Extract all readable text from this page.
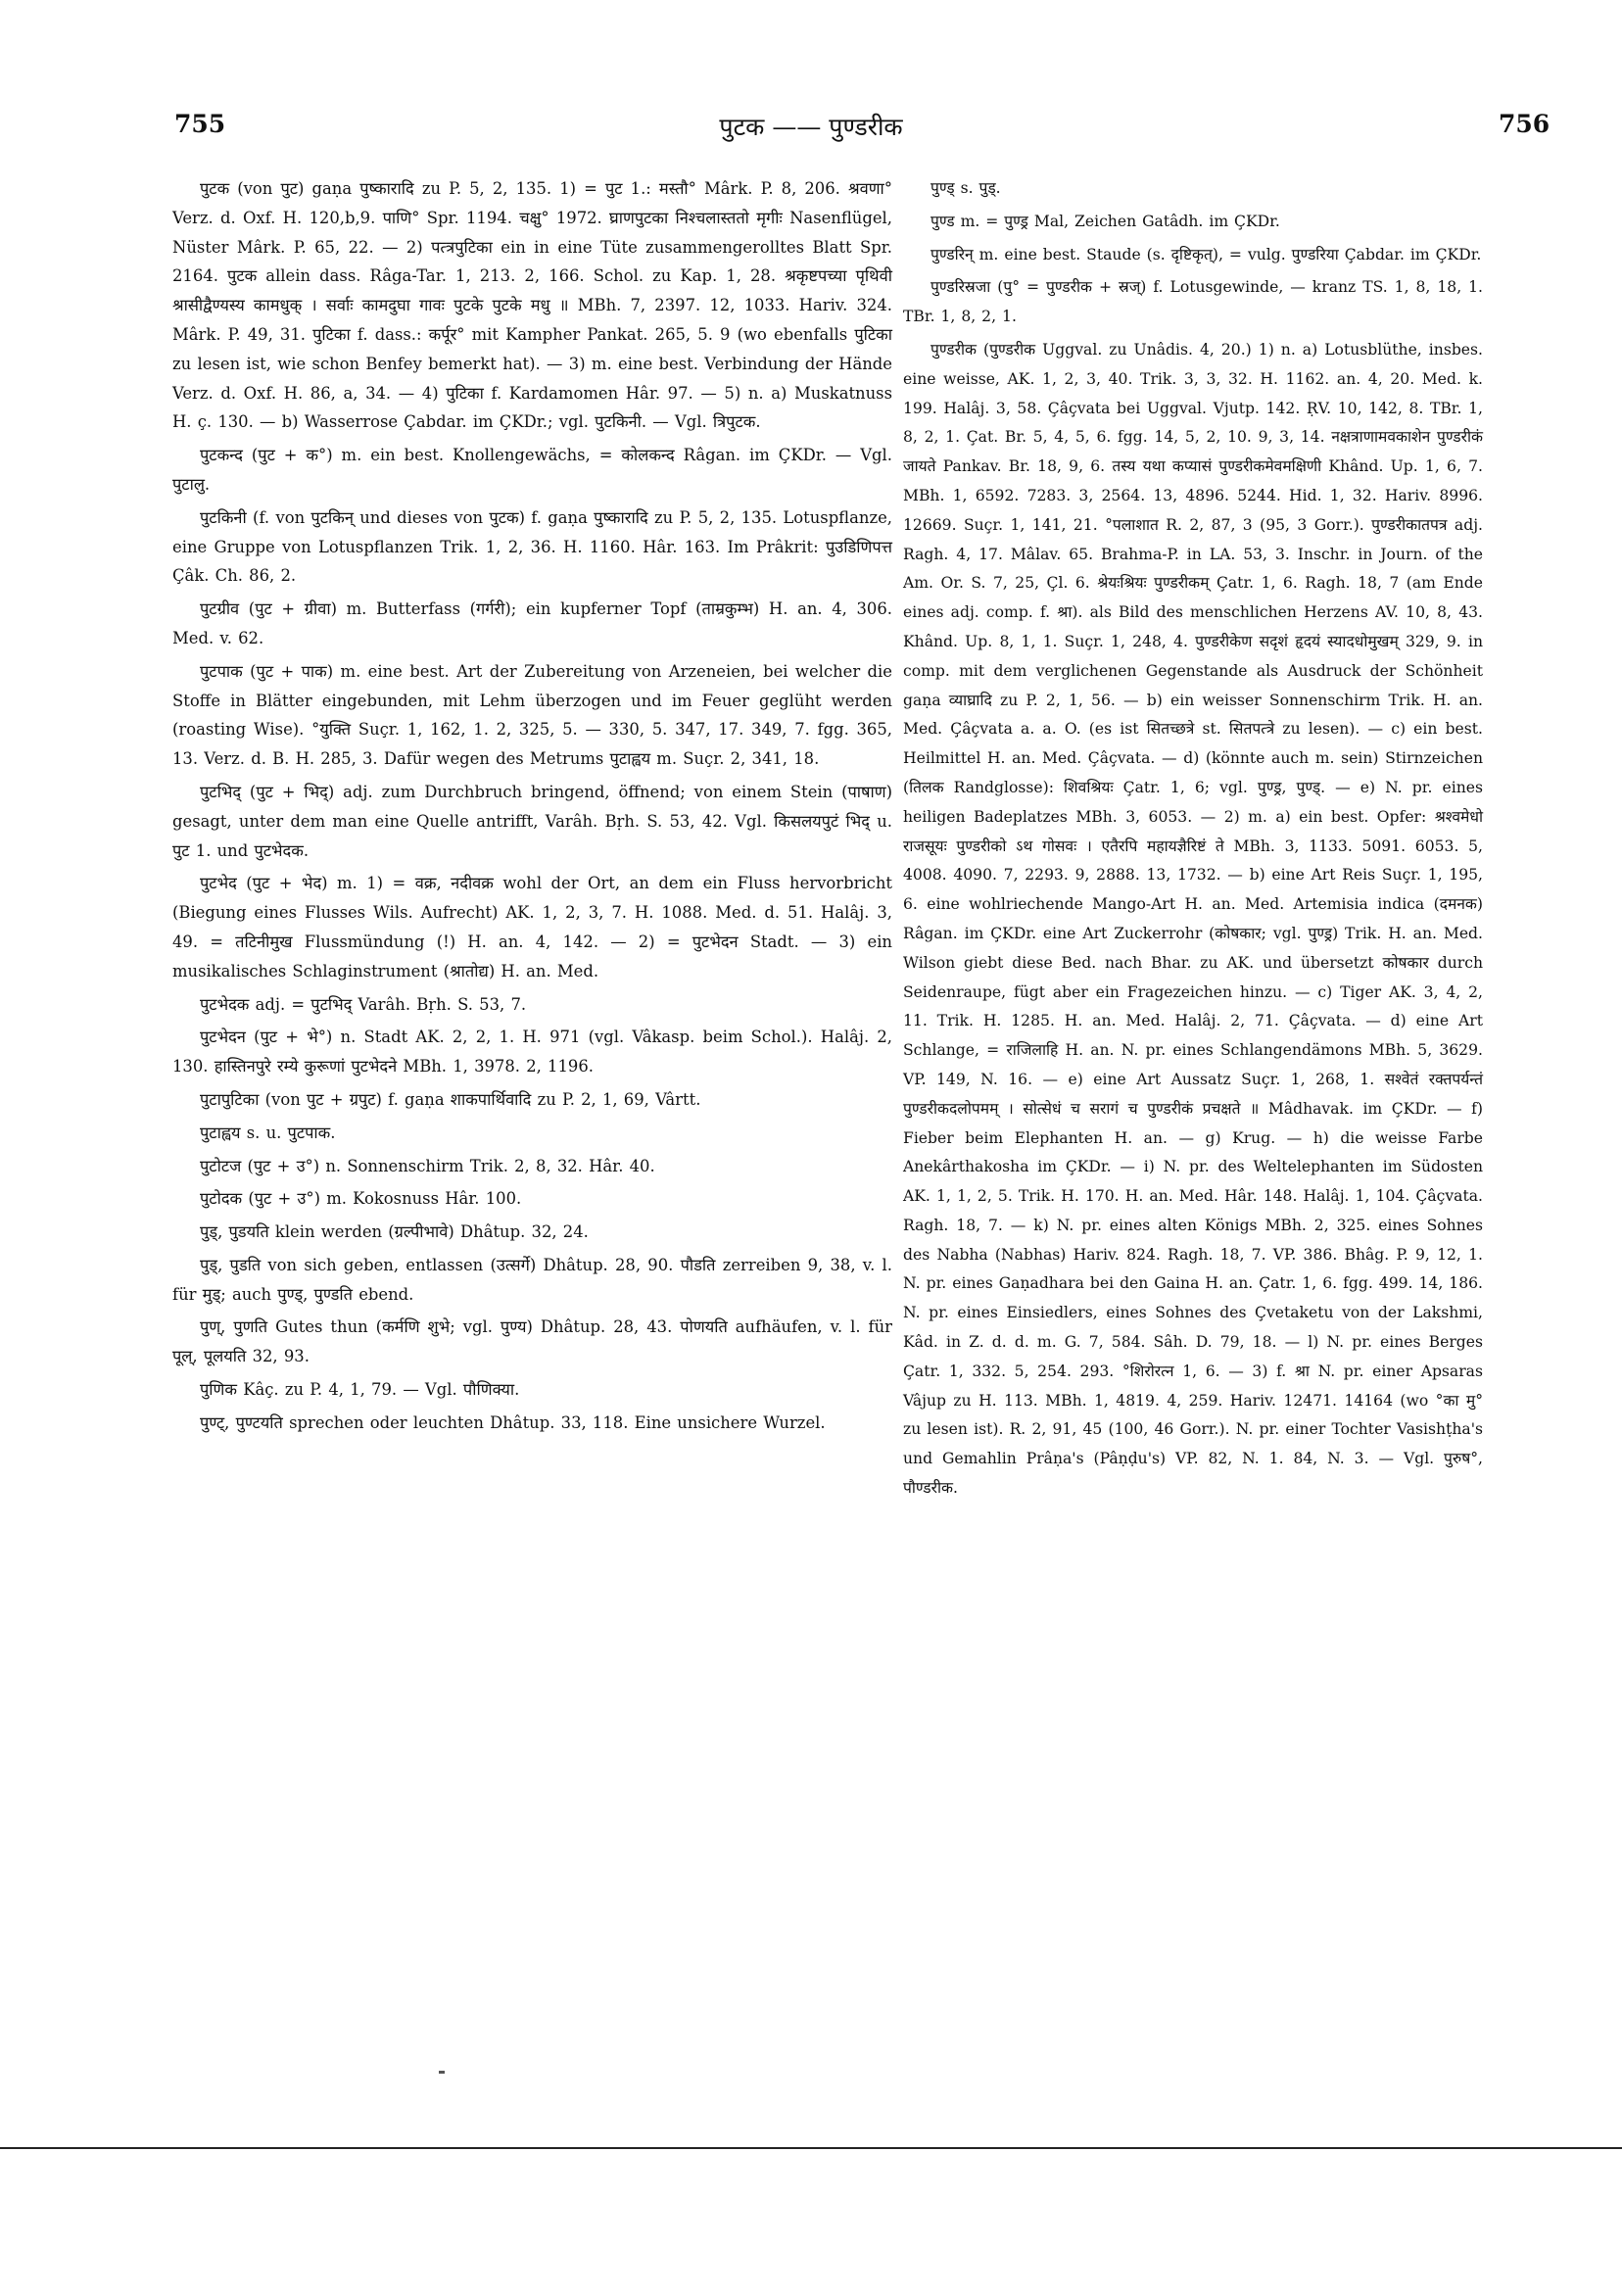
755	पुटक —— पुण्डरीक	756

पुटक (von पुट) gaṇa पुष्कारादि zu P. 5, 2, 135. 1) = पुट 1.: मस्तौ° Mârk. P. 8, 206. श्रवणा° Verz. d. Oxf. H. 120,b,9. पाणि° Spr. 1194. चक्षु° 1972. घ्राणपुटका निश्चलास्ततो मृगीः Nasenflügel, Nüster Mârk. P. 65, 22. — 2) पत्त्रपुटिका ein in eine Tüte zusammengerolltes Blatt Spr. 2164. पुटक allein dass. Râga-Tar. 1, 213. 2, 166. Schol. zu Kap. 1, 28. श्रकृष्टपच्या पृथिवी श्रासीद्वैण्यस्य कामधुक् । सर्वाः कामदुघा गावः पुटके पुटके मधु ॥ MBh. 7, 2397. 12, 1033. Hariv. 324. Mârk. P. 49, 31. पुटिका f. dass.: कर्पूर° mit Kampher Pankat. 265, 5. 9 (wo ebenfalls पुटिका zu lesen ist, wie schon Benfey bemerkt hat). — 3) m. eine best. Verbindung der Hände Verz. d. Oxf. H. 86, a, 34. — 4) पुटिका f. Kardamomen Hâr. 97. — 5) n. a) Muskatnuss H. ç. 130. — b) Wasserrose Çabdar. im ÇKDr.; vgl. पुटकिनी. — Vgl. त्रिपुटक.

पुटकन्द (पुट + क°) m. ein best. Knollengewächs, = कोलकन्द Râgan. im ÇKDr. — Vgl. पुटालु.

पुटकिनी (f. von पुटकिन् und dieses von पुटक) f. gaṇa पुष्कारादि zu P. 5, 2, 135. Lotuspflanze, eine Gruppe von Lotuspflanzen Trik. 1, 2, 36. H. 1160. Hâr. 163. Im Prâkrit: पुउडिणिपत्त Çâk. Ch. 86, 2.

पुटग्रीव (पुट + ग्रीवा) m. Butterfass (गर्गरी); ein kupferner Topf (ताम्रकुम्भ) H. an. 4, 306. Med. v. 62.

पुटपाक (पुट + पाक) m. eine best. Art der Zubereitung von Arzeneien, bei welcher die Stoffe in Blätter eingebunden, mit Lehm überzogen und im Feuer geglüht werden (roasting Wise). °युक्ति Suçr. 1, 162, 1. 2, 325, 5. — 330, 5. 347, 17. 349, 7. fgg. 365, 13. Verz. d. B. H. 285, 3. Dafür wegen des Metrums पुटाह्वय m. Suçr. 2, 341, 18.

पुटभिद् (पुट + भिद्) adj. zum Durchbruch bringend, öffnend; von einem Stein (पाषाण) gesagt, unter dem man eine Quelle antrifft, Varâh. Bṛh. S. 53, 42. Vgl. किसलयपुटं भिद् u. पुट 1. und पुटभेदक.

पुटभेद (पुट + भेद) m. 1) = वक्र, नदीवक्र wohl der Ort, an dem ein Fluss hervorbricht (Biegung eines Flusses Wils. Aufrecht) AK. 1, 2, 3, 7. H. 1088. Med. d. 51. Halâj. 3, 49. = तटिनीमुख Flussmündung (!) H. an. 4, 142. — 2) = पुटभेदन Stadt. — 3) ein musikalisches Schlaginstrument (श्रातोद्य) H. an. Med.

पुटभेदक adj. = पुटभिद् Varâh. Bṛh. S. 53, 7.

पुटभेदन (पुट + भे°) n. Stadt AK. 2, 2, 1. H. 971 (vgl. Vâkasp. beim Schol.). Halâj. 2, 130. हास्तिनपुरे रम्ये कुरूणां पुटभेदने MBh. 1, 3978. 2, 1196.

पुटापुटिका (von पुट + ग्रपुट) f. gaṇa शाकपार्थिवादि zu P. 2, 1, 69, Vârtt.

पुटाह्वय s. u. पुटपाक.

पुटोटज (पुट + उ°) n. Sonnenschirm Trik. 2, 8, 32. Hâr. 40.

पुटोदक (पुट + उ°) m. Kokosnuss Hâr. 100.

पुड्, पुडयति klein werden (ग्रल्पीभावे) Dhâtup. 32, 24.

पुड्, पुडति von sich geben, entlassen (उत्सर्गे) Dhâtup. 28, 90. पौडति zerreiben 9, 38, v. l. für मुड्; auch पुण्ड्, पुण्डति ebend.

पुण्, पुणति Gutes thun (कर्मणि शुभे; vgl. पुण्य) Dhâtup. 28, 43. पोणयति aufhäufen, v. l. für पूल्, पूलयति 32, 93.

पुणिक Kâç. zu P. 4, 1, 79. — Vgl. पौणिक्या.

पुण्ट्, पुण्टयति sprechen oder leuchten Dhâtup. 33, 118. Eine unsichere Wurzel.

पुण्ड् s. पुड्.

पुण्ड m. = पुण्ड्र Mal, Zeichen Gatâdh. im ÇKDr.

पुण्डरिन् m. eine best. Staude (s. दृष्टिकृत्), = vulg. पुण्डरिया Çabdar. im ÇKDr.

पुण्डरिस्रजा (पु° = पुण्डरीक + स्रज्) f. Lotusgewinde, — kranz TS. 1, 8, 18, 1. TBr. 1, 8, 2, 1.

पुण्डरीक (पुण्डरीक Uggval. zu Unâdis. 4, 20.) 1) n. a) Lotusblüthe, insbes. eine weisse, AK. 1, 2, 3, 40. Trik. 3, 3, 32. H. 1162. an. 4, 20. Med. k. 199. Halâj. 3, 58. Çâçvata bei Uggval. Vjutp. 142. ṚV. 10, 142, 8. TBr. 1, 8, 2, 1. Çat. Br. 5, 4, 5, 6. fgg. 14, 5, 2, 10. 9, 3, 14. नक्षत्राणामवकाशेन पुण्डरीकं जायते Pankav. Br. 18, 9, 6. तस्य यथा कप्यासं पुण्डरीकमेवमक्षिणी Khând. Up. 1, 6, 7. MBh. 1, 6592. 7283. 3, 2564. 13, 4896. 5244. Hid. 1, 32. Hariv. 8996. 12669. Suçr. 1, 141, 21. °पलाशात R. 2, 87, 3 (95, 3 Gorr.). पुण्डरीकातपत्र adj. Ragh. 4, 17. Mâlav. 65. Brahma-P. in LA. 53, 3. Inschr. in Journ. of the Am. Or. S. 7, 25, Çl. 6. श्रेयःश्रियः पुण्डरीकम् Çatr. 1, 6. Ragh. 18, 7 (am Ende eines adj. comp. f. श्रा). als Bild des menschlichen Herzens AV. 10, 8, 43. Khând. Up. 8, 1, 1. Suçr. 1, 248, 4. पुण्डरीकेण सदृशं हृदयं स्यादधोमुखम् 329, 9. in comp. mit dem verglichenen Gegenstande als Ausdruck der Schönheit gaṇa व्याघ्रादि zu P. 2, 1, 56. — b) ein weisser Sonnenschirm Trik. H. an. Med. Çâçvata a. a. O. (es ist सितच्छत्रे st. सितपत्त्रे zu lesen). — c) ein best. Heilmittel H. an. Med. Çâçvata. — d) (könnte auch m. sein) Stirnzeichen (तिलक Randglosse): शिवश्रियः Çatr. 1, 6; vgl. पुण्ड्र, पुण्ड्. — e) N. pr. eines heiligen Badeplatzes MBh. 3, 6053. — 2) m. a) ein best. Opfer: श्रश्वमेधो राजसूयः पुण्डरीको ऽथ गोसवः । एतैरपि महायज्ञैरिष्टं ते MBh. 3, 1133. 5091. 6053. 5, 4008. 4090. 7, 2293. 9, 2888. 13, 1732. — b) eine Art Reis Suçr. 1, 195, 6. eine wohlriechende Mango-Art H. an. Med. Artemisia indica (दमनक) Râgan. im ÇKDr. eine Art Zuckerrohr (कोषकार; vgl. पुण्ड्र) Trik. H. an. Med. Wilson giebt diese Bed. nach Bhar. zu AK. und übersetzt कोषकार durch Seidenraupe, fügt aber ein Fragezeichen hinzu. — c) Tiger AK. 3, 4, 2, 11. Trik. H. 1285. H. an. Med. Halâj. 2, 71. Çâçvata. — d) eine Art Schlange, = राजिलाहि H. an. N. pr. eines Schlangendämons MBh. 5, 3629. VP. 149, N. 16. — e) eine Art Aussatz Suçr. 1, 268, 1. सश्वेतं रक्तपर्यन्तं पुण्डरीकदलोपमम् । सोत्सेधं च सरागं च पुण्डरीकं प्रचक्षते ॥ Mâdhavak. im ÇKDr. — f) Fieber beim Elephanten H. an. — g) Krug. — h) die weisse Farbe Anekârthakosha im ÇKDr. — i) N. pr. des Weltelephanten im Südosten AK. 1, 1, 2, 5. Trik. H. 170. H. an. Med. Hâr. 148. Halâj. 1, 104. Çâçvata. Ragh. 18, 7. — k) N. pr. eines alten Königs MBh. 2, 325. eines Sohnes des Nabha (Nabhas) Hariv. 824. Ragh. 18, 7. VP. 386. Bhâg. P. 9, 12, 1. N. pr. eines Gaṇadhara bei den Gaina H. an. Çatr. 1, 6. fgg. 499. 14, 186. N. pr. eines Einsiedlers, eines Sohnes des Çvetaketu von der Lakshmi, Kâd. in Z. d. d. m. G. 7, 584. Sâh. D. 79, 18. — l) N. pr. eines Berges Çatr. 1, 332. 5, 254. 293. °शिरोरत्न 1, 6. — 3) f. श्रा N. pr. einer Apsaras Vâjup zu H. 113. MBh. 1, 4819. 4, 259. Hariv. 12471. 14164 (wo °का मु° zu lesen ist). R. 2, 91, 45 (100, 46 Gorr.). N. pr. einer Tochter Vasishṭha's und Gemahlin Prâṇa's (Pâṇḍu's) VP. 82, N. 1. 84, N. 3. — Vgl. पुरुष°, पौण्डरीक.
